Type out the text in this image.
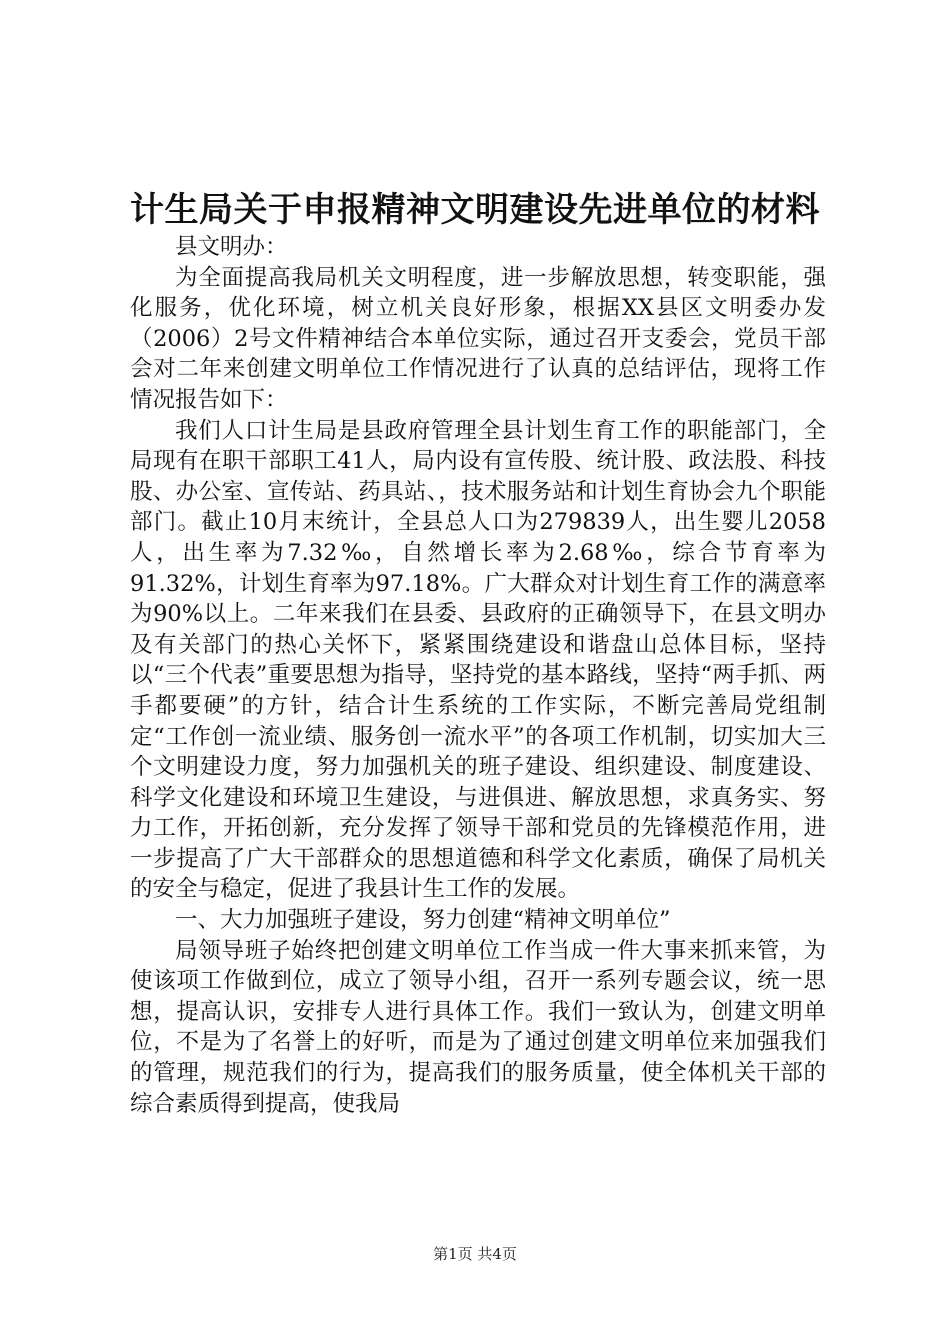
计生局关于申报精神文明建设先进单位的材料

县文明办：

为全面提高我局机关文明程度，进一步解放思想，转变职能，强化服务，优化环境，树立机关良好形象，根据XX县区文明委办发（2006）2号文件精神结合本单位实际，通过召开支委会，党员干部会对二年来创建文明单位工作情况进行了认真的总结评估，现将工作情况报告如下：

我们人口计生局是县政府管理全县计划生育工作的职能部门，全局现有在职干部职工41人，局内设有宣传股、统计股、政法股、科技股、办公室、宣传站、药具站、，技术服务站和计划生育协会九个职能部门。截止10月末统计，全县总人口为279839人，出生婴儿2058人，出生率为7.32‰，自然增长率为2.68‰，综合节育率为91.32%，计划生育率为97.18%。广大群众对计划生育工作的满意率为90%以上。二年来我们在县委、县政府的正确领导下，在县文明办及有关部门的热心关怀下，紧紧围绕建设和谐盘山总体目标，坚持以“三个代表”重要思想为指导，坚持党的基本路线，坚持“两手抓、两手都要硬”的方针，结合计生系统的工作实际，不断完善局党组制定“工作创一流业绩、服务创一流水平”的各项工作机制，切实加大三个文明建设力度，努力加强机关的班子建设、组织建设、制度建设、科学文化建设和环境卫生建设，与进俱进、解放思想，求真务实、努力工作，开拓创新，充分发挥了领导干部和党员的先锋模范作用，进一步提高了广大干部群众的思想道德和科学文化素质，确保了局机关的安全与稳定，促进了我县计生工作的发展。

一、大力加强班子建设，努力创建“精神文明单位”

局领导班子始终把创建文明单位工作当成一件大事来抓来管，为使该项工作做到位，成立了领导小组，召开一系列专题会议，统一思想，提高认识，安排专人进行具体工作。我们一致认为，创建文明单位，不是为了名誉上的好听，而是为了通过创建文明单位来加强我们的管理，规范我们的行为，提高我们的服务质量，使全体机关干部的综合素质得到提高，使我局

第1页 共4页
